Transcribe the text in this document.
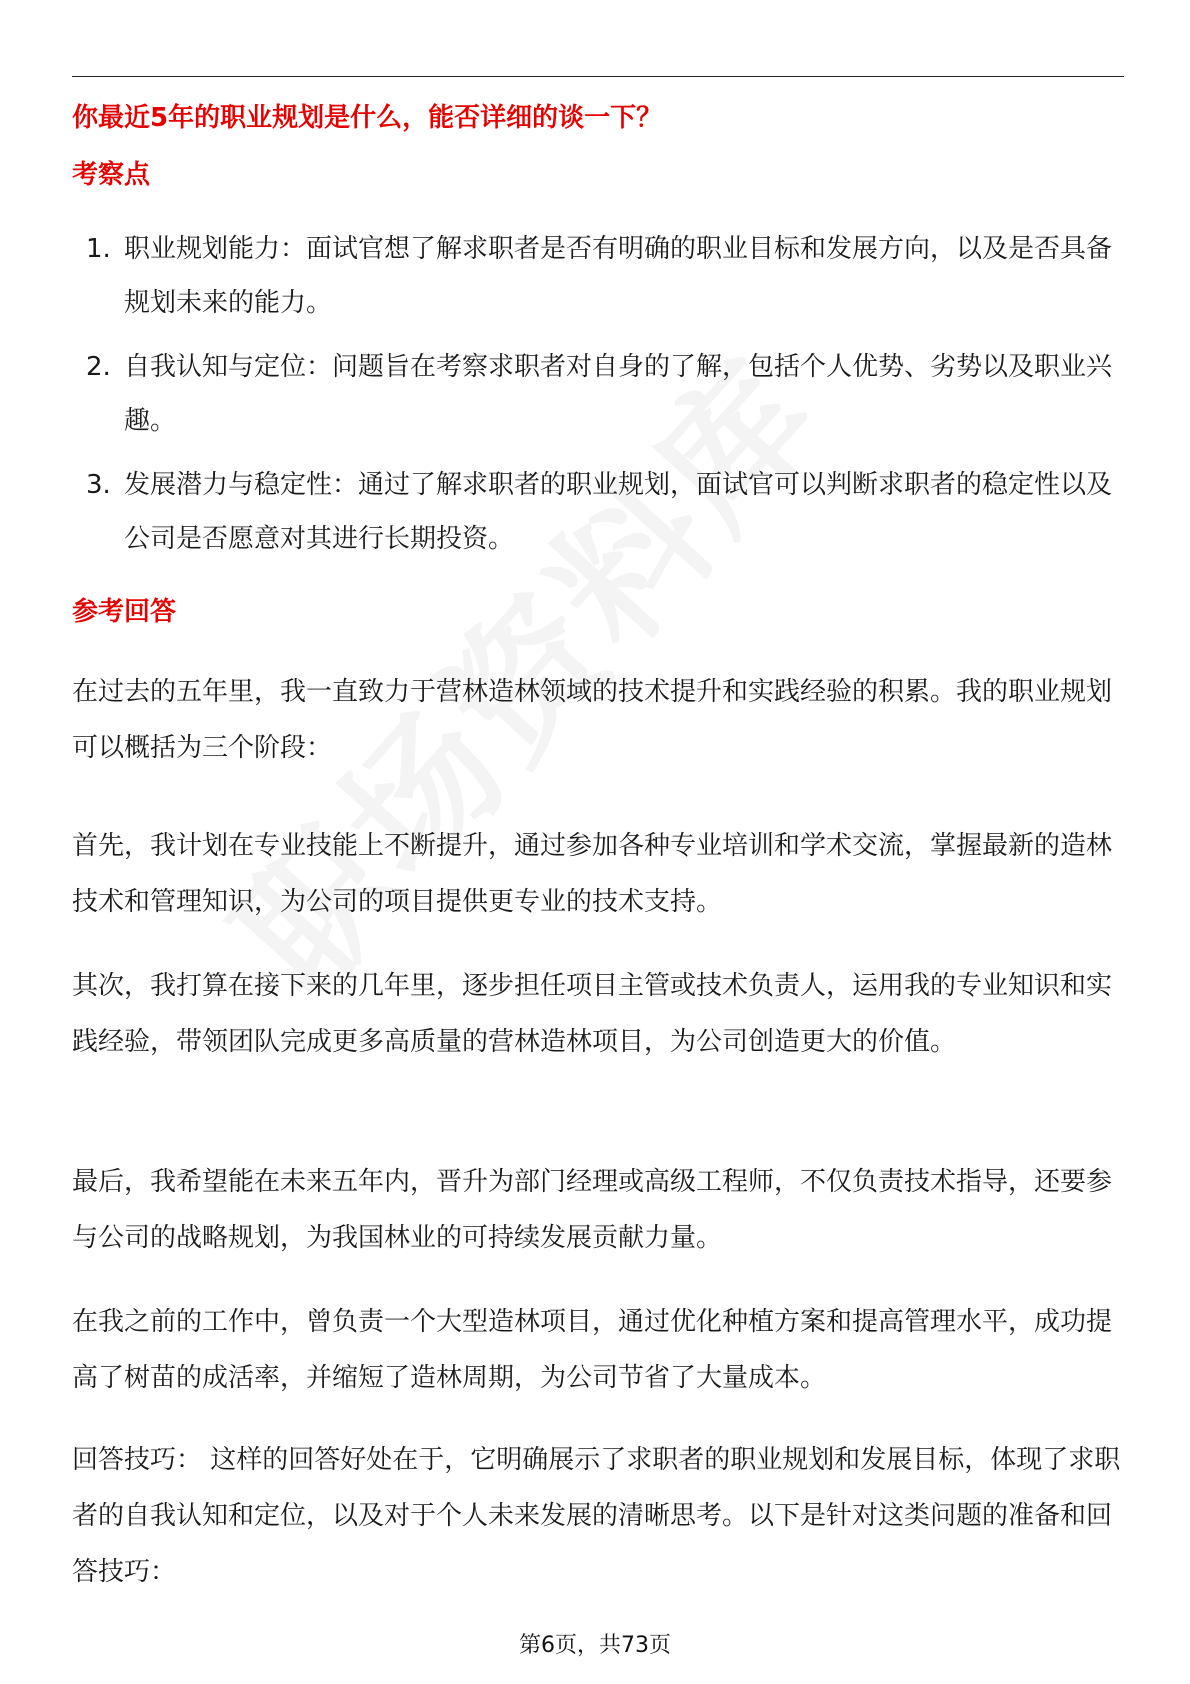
你最近5年的职业规划是什么，能否详细的谈一下？
考察点
1. 职业规划能力：面试官想了解求职者是否有明确的职业目标和发展方向，以及是否具备规划未来的能力。
2. 自我认知与定位：问题旨在考察求职者对自身的了解，包括个人优势、劣势以及职业兴趣。
3. 发展潜力与稳定性：通过了解求职者的职业规划，面试官可以判断求职者的稳定性以及公司是否愿意对其进行长期投资。
参考回答

在过去的五年里，我一直致力于营林造林领域的技术提升和实践经验的积累。我的职业规划可以概括为三个阶段：

首先，我计划在专业技能上不断提升，通过参加各种专业培训和学术交流，掌握最新的造林技术和管理知识，为公司的项目提供更专业的技术支持。

其次，我打算在接下来的几年里，逐步担任项目主管或技术负责人，运用我的专业知识和实践经验，带领团队完成更多高质量的营林造林项目，为公司创造更大的价值。

最后，我希望能在未来五年内，晋升为部门经理或高级工程师，不仅负责技术指导，还要参与公司的战略规划，为我国林业的可持续发展贡献力量。

在我之前的工作中，曾负责一个大型造林项目，通过优化种植方案和提高管理水平，成功提高了树苗的成活率，并缩短了造林周期，为公司节省了大量成本。

回答技巧： 这样的回答好处在于，它明确展示了求职者的职业规划和发展目标，体现了求职者的自我认知和定位，以及对于个人未来发展的清晰思考。以下是针对这类问题的准备和回答技巧：

第6页，共73页
